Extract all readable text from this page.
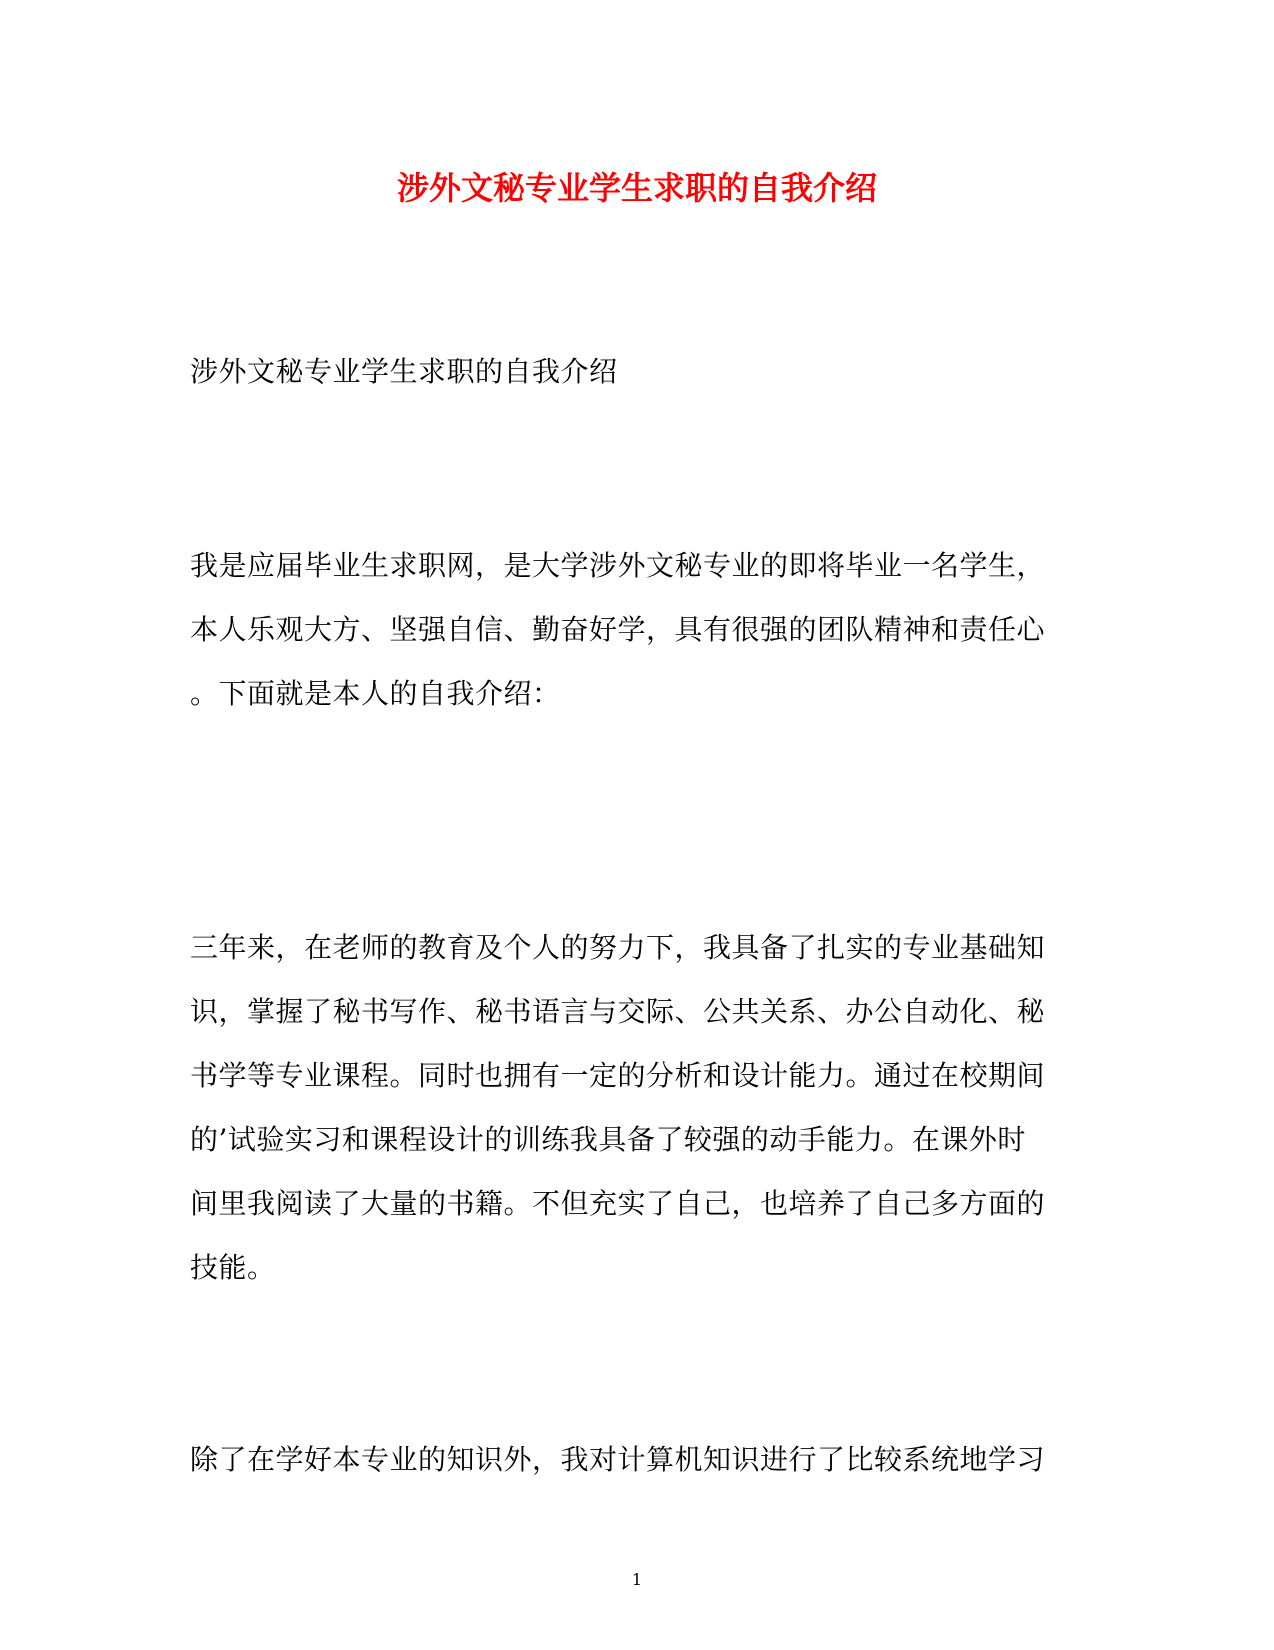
涉外文秘专业学生求职的自我介绍
涉外文秘专业学生求职的自我介绍
我是应届毕业生求职网，是大学涉外文秘专业的即将毕业一名学生，
本人乐观大方、坚强自信、勤奋好学，具有很强的团队精神和责任心
。下面就是本人的自我介绍：
三年来，在老师的教育及个人的努力下，我具备了扎实的专业基础知
识，掌握了秘书写作、秘书语言与交际、公共关系、办公自动化、秘
书学等专业课程。同时也拥有一定的分析和设计能力。通过在校期间
的’试验实习和课程设计的训练我具备了较强的动手能力。在课外时
间里我阅读了大量的书籍。不但充实了自己，也培养了自己多方面的
技能。
除了在学好本专业的知识外，我对计算机知识进行了比较系统地学习
1
